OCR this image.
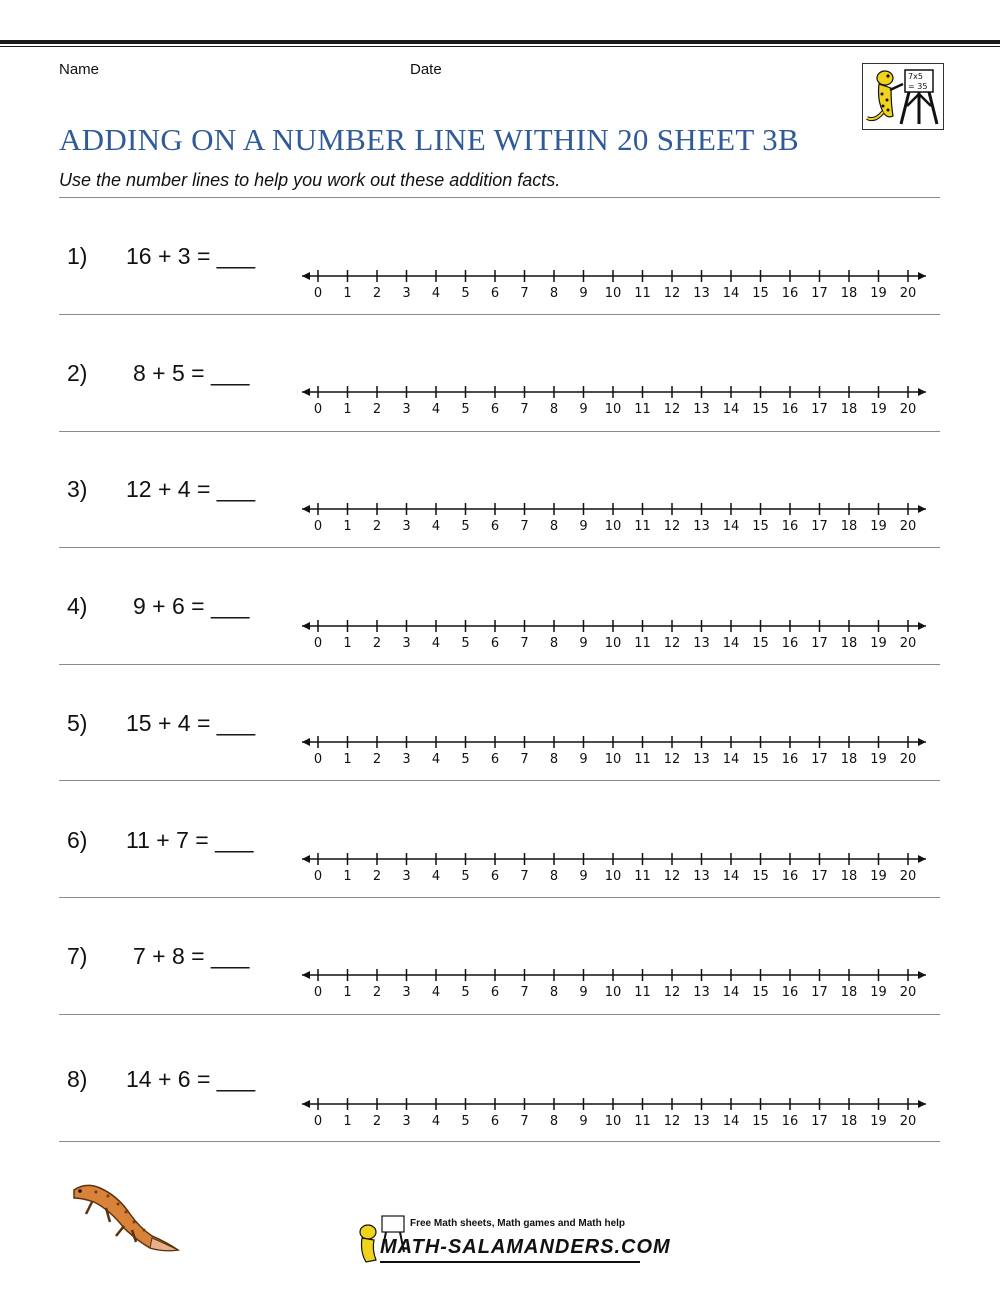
Name	Date	7x5
= 35
ADDING ON A NUMBER LINE WITHIN 20 SHEET 3B

Use the number lines to help you work out these addition facts.

1) 16 + 3 = ___
0 1 2 3 4 5 6 7 8 9 10 11 12 13 14 15 16 17 18 19 20
2) 8 + 5 = ___
0 1 2 3 4 5 6 7 8 9 10 11 12 13 14 15 16 17 18 19 20
3) 12 + 4 = ___
0 1 2 3 4 5 6 7 8 9 10 11 12 13 14 15 16 17 18 19 20
4) 9 + 6 = ___
0 1 2 3 4 5 6 7 8 9 10 11 12 13 14 15 16 17 18 19 20
5) 15 + 4 = ___
0 1 2 3 4 5 6 7 8 9 10 11 12 13 14 15 16 17 18 19 20
6) 11 + 7 = ___
0 1 2 3 4 5 6 7 8 9 10 11 12 13 14 15 16 17 18 19 20
7) 7 + 8 = ___
0 1 2 3 4 5 6 7 8 9 10 11 12 13 14 15 16 17 18 19 20
8) 14 + 6 = ___
0 1 2 3 4 5 6 7 8 9 10 11 12 13 14 15 16 17 18 19 20
Free Math sheets, Math games and Math help
MATH-SALAMANDERS.COM
